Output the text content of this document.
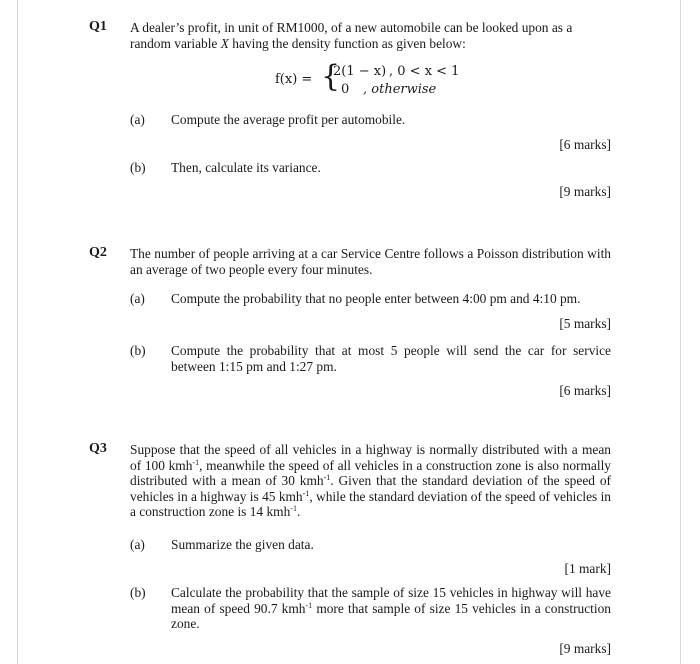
Q1 A dealer’s profit, in unit of RM1000, of a new automobile can be looked upon as a
random variable X having the density function as given below:
f(x) = {
2(1 − x) , 0 < x < 1
0 , otherwise
(a) Compute the average profit per automobile.
[6 marks]
(b) Then, calculate its variance.
[9 marks]
Q2 The number of people arriving at a car Service Centre follows a Poisson distribution with an average of two people every four minutes.
(a) Compute the probability that no people enter between 4:00 pm and 4:10 pm.
[5 marks]
(b) Compute the probability that at most 5 people will send the car for service between 1:15 pm and 1:27 pm.
[6 marks]
Q3 Suppose that the speed of all vehicles in a highway is normally distributed with a mean of 100 kmh$^{-1}$, meanwhile the speed of all vehicles in a construction zone is also normally distributed with a mean of 30 kmh$^{-1}$. Given that the standard deviation of the speed of vehicles in a highway is 45 kmh$^{-1}$, while the standard deviation of the speed of vehicles in a construction zone is 14 kmh$^{-1}$.
(a) Summarize the given data.
[1 mark]
(b) Calculate the probability that the sample of size 15 vehicles in highway will have mean of speed 90.7 kmh$^{-1}$ more that sample of size 15 vehicles in a construction zone.
[9 marks]
